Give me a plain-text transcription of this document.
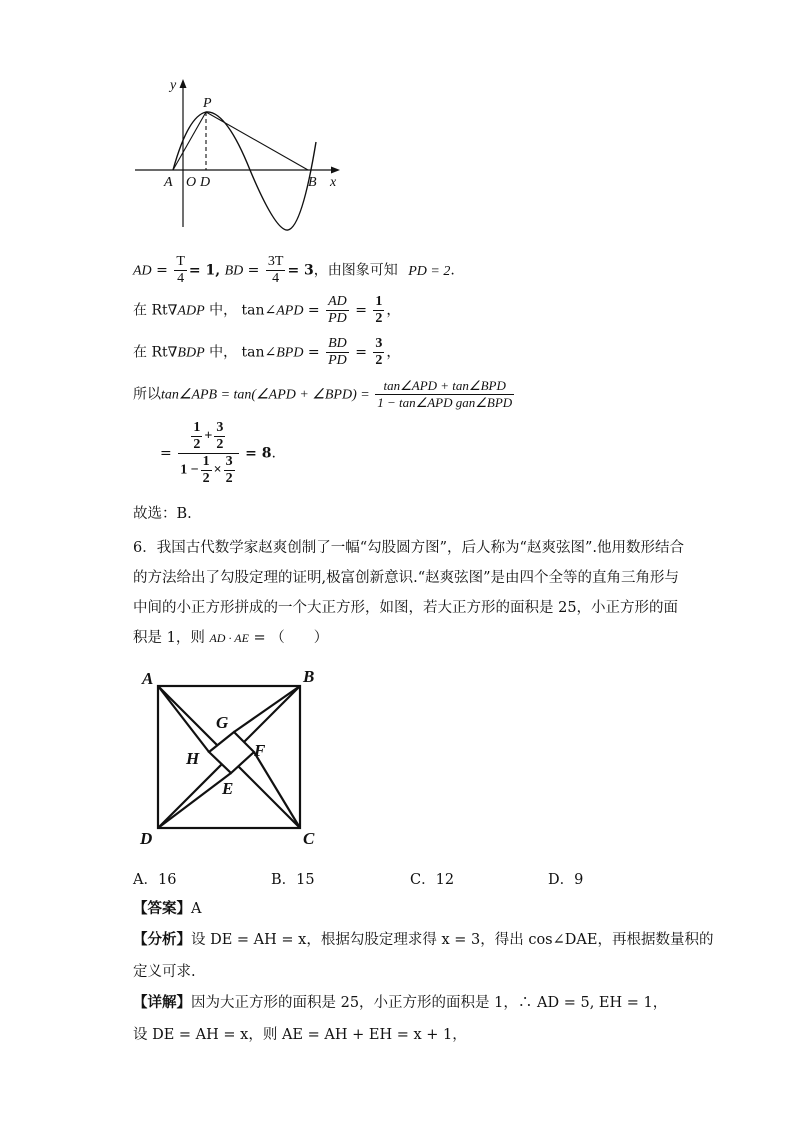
y
P
A O D	B x
AD = $\frac{T}{4} = 1$, BD = $\frac{3T}{4} = 3$，由图象可知 PD = 2.
在 Rt∇ADP 中， tan∠APD = $\frac{AD}{PD} = \frac{1}{2}$ ，
在 Rt∇BDP 中， tan∠BPD = $\frac{BD}{PD} = \frac{3}{2}$ ，
所以tan∠APB = tan(∠APD + ∠BPD) = $\frac{\text{tan∠APD + tan∠BPD}}{\text{1 − tan∠APD gan∠BPD}}$
= $\frac{\frac{1}{2} + \frac{3}{2}}{1 - \frac{1}{2} \times \frac{3}{2}} = 8$.
故选：B.
6．我国古代数学家赵爽创制了一幅“勾股圆方图”，后人称为“赵爽弦图”.他用数形结合
的方法给出了勾股定理的证明,极富创新意识.“赵爽弦图”是由四个全等的直角三角形与
中间的小正方形拼成的一个大正方形，如图，若大正方形的面积是 25，小正方形的面
积是 1，则 AD · AE = （　　）
A	B
C
D
G
F
H
E
A．16	B．15	C．12	D．9
【答案】A
【分析】设 DE = AH = x，根据勾股定理求得 x = 3，得出 cos∠DAE，再根据数量积的
定义可求.
【详解】因为大正方形的面积是 25，小正方形的面积是 1，∴ AD = 5, EH = 1，
设 DE = AH = x，则 AE = AH + EH = x + 1，
